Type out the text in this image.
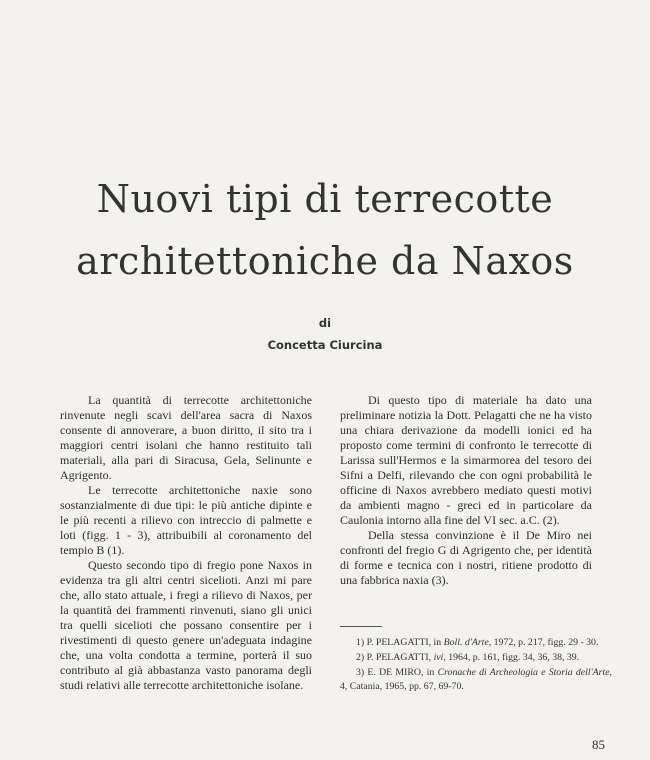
Nuovi tipi di terrecotte
architettoniche da Naxos
di
Concetta Ciurcina

La quantità di terrecotte architettoniche rinvenute negli scavi dell'area sacra di Naxos consente di annoverare, a buon diritto, il sito tra i maggiori centri isolani che hanno restituito tali materiali, alla pari di Siracusa, Gela, Selinunte e Agrigento.

Le terrecotte architettoniche naxie sono sostanzialmente di due tipi: le più antiche dipinte e le più recenti a rilievo con intreccio di palmette e loti (figg. 1 - 3), attribuibili al coronamento del tempio B (1).

Questo secondo tipo di fregio pone Naxos in evidenza tra gli altri centri sicelioti. Anzi mi pare che, allo stato attuale, i fregi a rilievo di Naxos, per la quantità dei frammenti rinvenuti, siano gli unici tra quelli sicelioti che possano consentire per i rivestimenti di questo genere un'adeguata indagine che, una volta condotta a termine, porterà il suo contributo al già abbastanza vasto panorama degli studi relativi alle terrecotte architettoniche isolane.

Di questo tipo di materiale ha dato una preliminare notizia la Dott. Pelagatti che ne ha visto una chiara derivazione da modelli ionici ed ha proposto come termini di confronto le terrecotte di Larissa sull'Hermos e la simarmorea del tesoro dei Sifni a Delfi, rilevando che con ogni probabilità le officine di Naxos avrebbero mediato questi motivi da ambienti magno - greci ed in particolare da Caulonia intorno alla fine del VI sec. a.C. (2).

Della stessa convinzione è il De Miro nei confronti del fregio G di Agrigento che, per identità di forme e tecnica con i nostri, ritiene prodotto di una fabbrica naxia (3).

1) P. PELAGATTI, in Boll. d'Arte, 1972, p. 217, figg. 29 - 30.

2) P. PELAGATTI, ivi, 1964, p. 161, figg. 34, 36, 38, 39.

3) E. DE MIRO, in Cronache di Archeologia e Storia dell'Arte, 4, Catania, 1965, pp. 67, 69-70.

85
